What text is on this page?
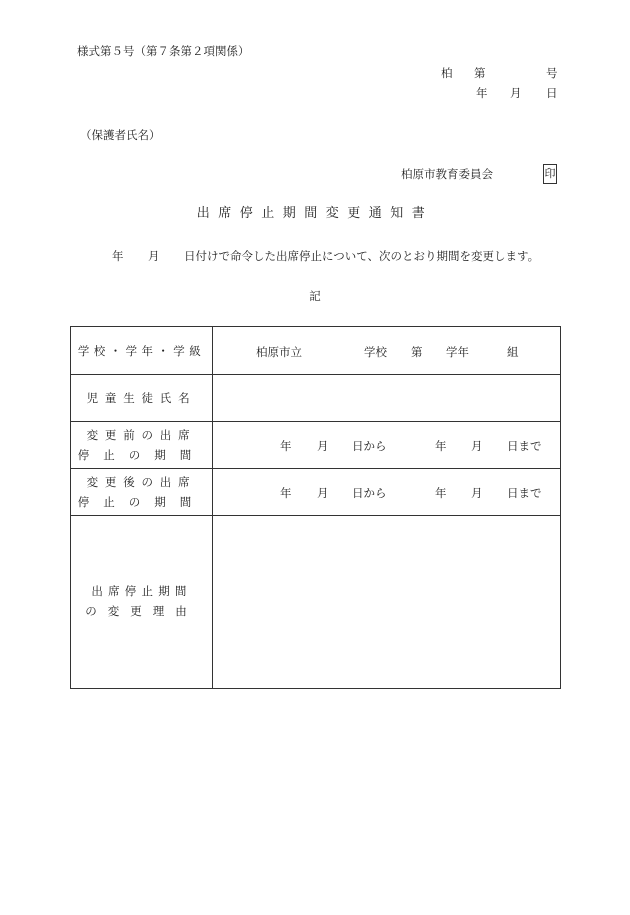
様式第５号（第７条第２項関係）
柏 第	号
年 月 日
（保護者氏名）
柏原市教育委員会	印
出席停止期間変更通知書
年 月 日付けで命令した出席停止について、次のとおり期間を変更します。
記
学校・学年・学級	柏原市立	学校 第 学年	組
児童生徒氏名
変更前の出席
停止の期間
年 月 日から	年 月 日まで
変更後の出席
停止の期間
年 月 日から	年 月 日まで
出席停止期間
の変更理由
